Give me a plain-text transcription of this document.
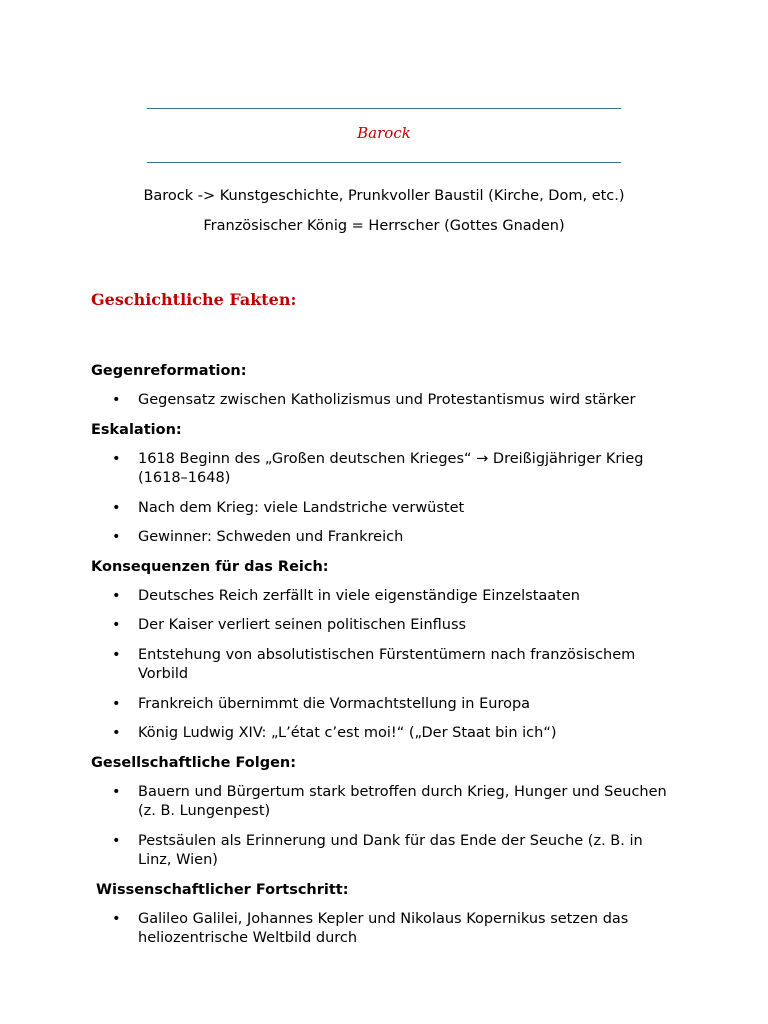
Barock
Barock -> Kunstgeschichte, Prunkvoller Baustil (Kirche, Dom, etc.)
Französischer König = Herrscher (Gottes Gnaden)
Geschichtliche Fakten:

Gegenreformation:

• Gegensatz zwischen Katholizismus und Protestantismus wird stärker

Eskalation:

• 1618 Beginn des „Großen deutschen Krieges“ → Dreißigjähriger Krieg (1618–1648)
• Nach dem Krieg: viele Landstriche verwüstet
• Gewinner: Schweden und Frankreich

Konsequenzen für das Reich:

• Deutsches Reich zerfällt in viele eigenständige Einzelstaaten
• Der Kaiser verliert seinen politischen Einfluss
• Entstehung von absolutistischen Fürstentümern nach französischem Vorbild
• Frankreich übernimmt die Vormachtstellung in Europa
• König Ludwig XIV: „L’état c’est moi!“ („Der Staat bin ich“)

Gesellschaftliche Folgen:

• Bauern und Bürgertum stark betroffen durch Krieg, Hunger und Seuchen (z. B. Lungenpest)
• Pestsäulen als Erinnerung und Dank für das Ende der Seuche (z. B. in Linz, Wien)

Wissenschaftlicher Fortschritt:

• Galileo Galilei, Johannes Kepler und Nikolaus Kopernikus setzen das heliozentrische Weltbild durch
